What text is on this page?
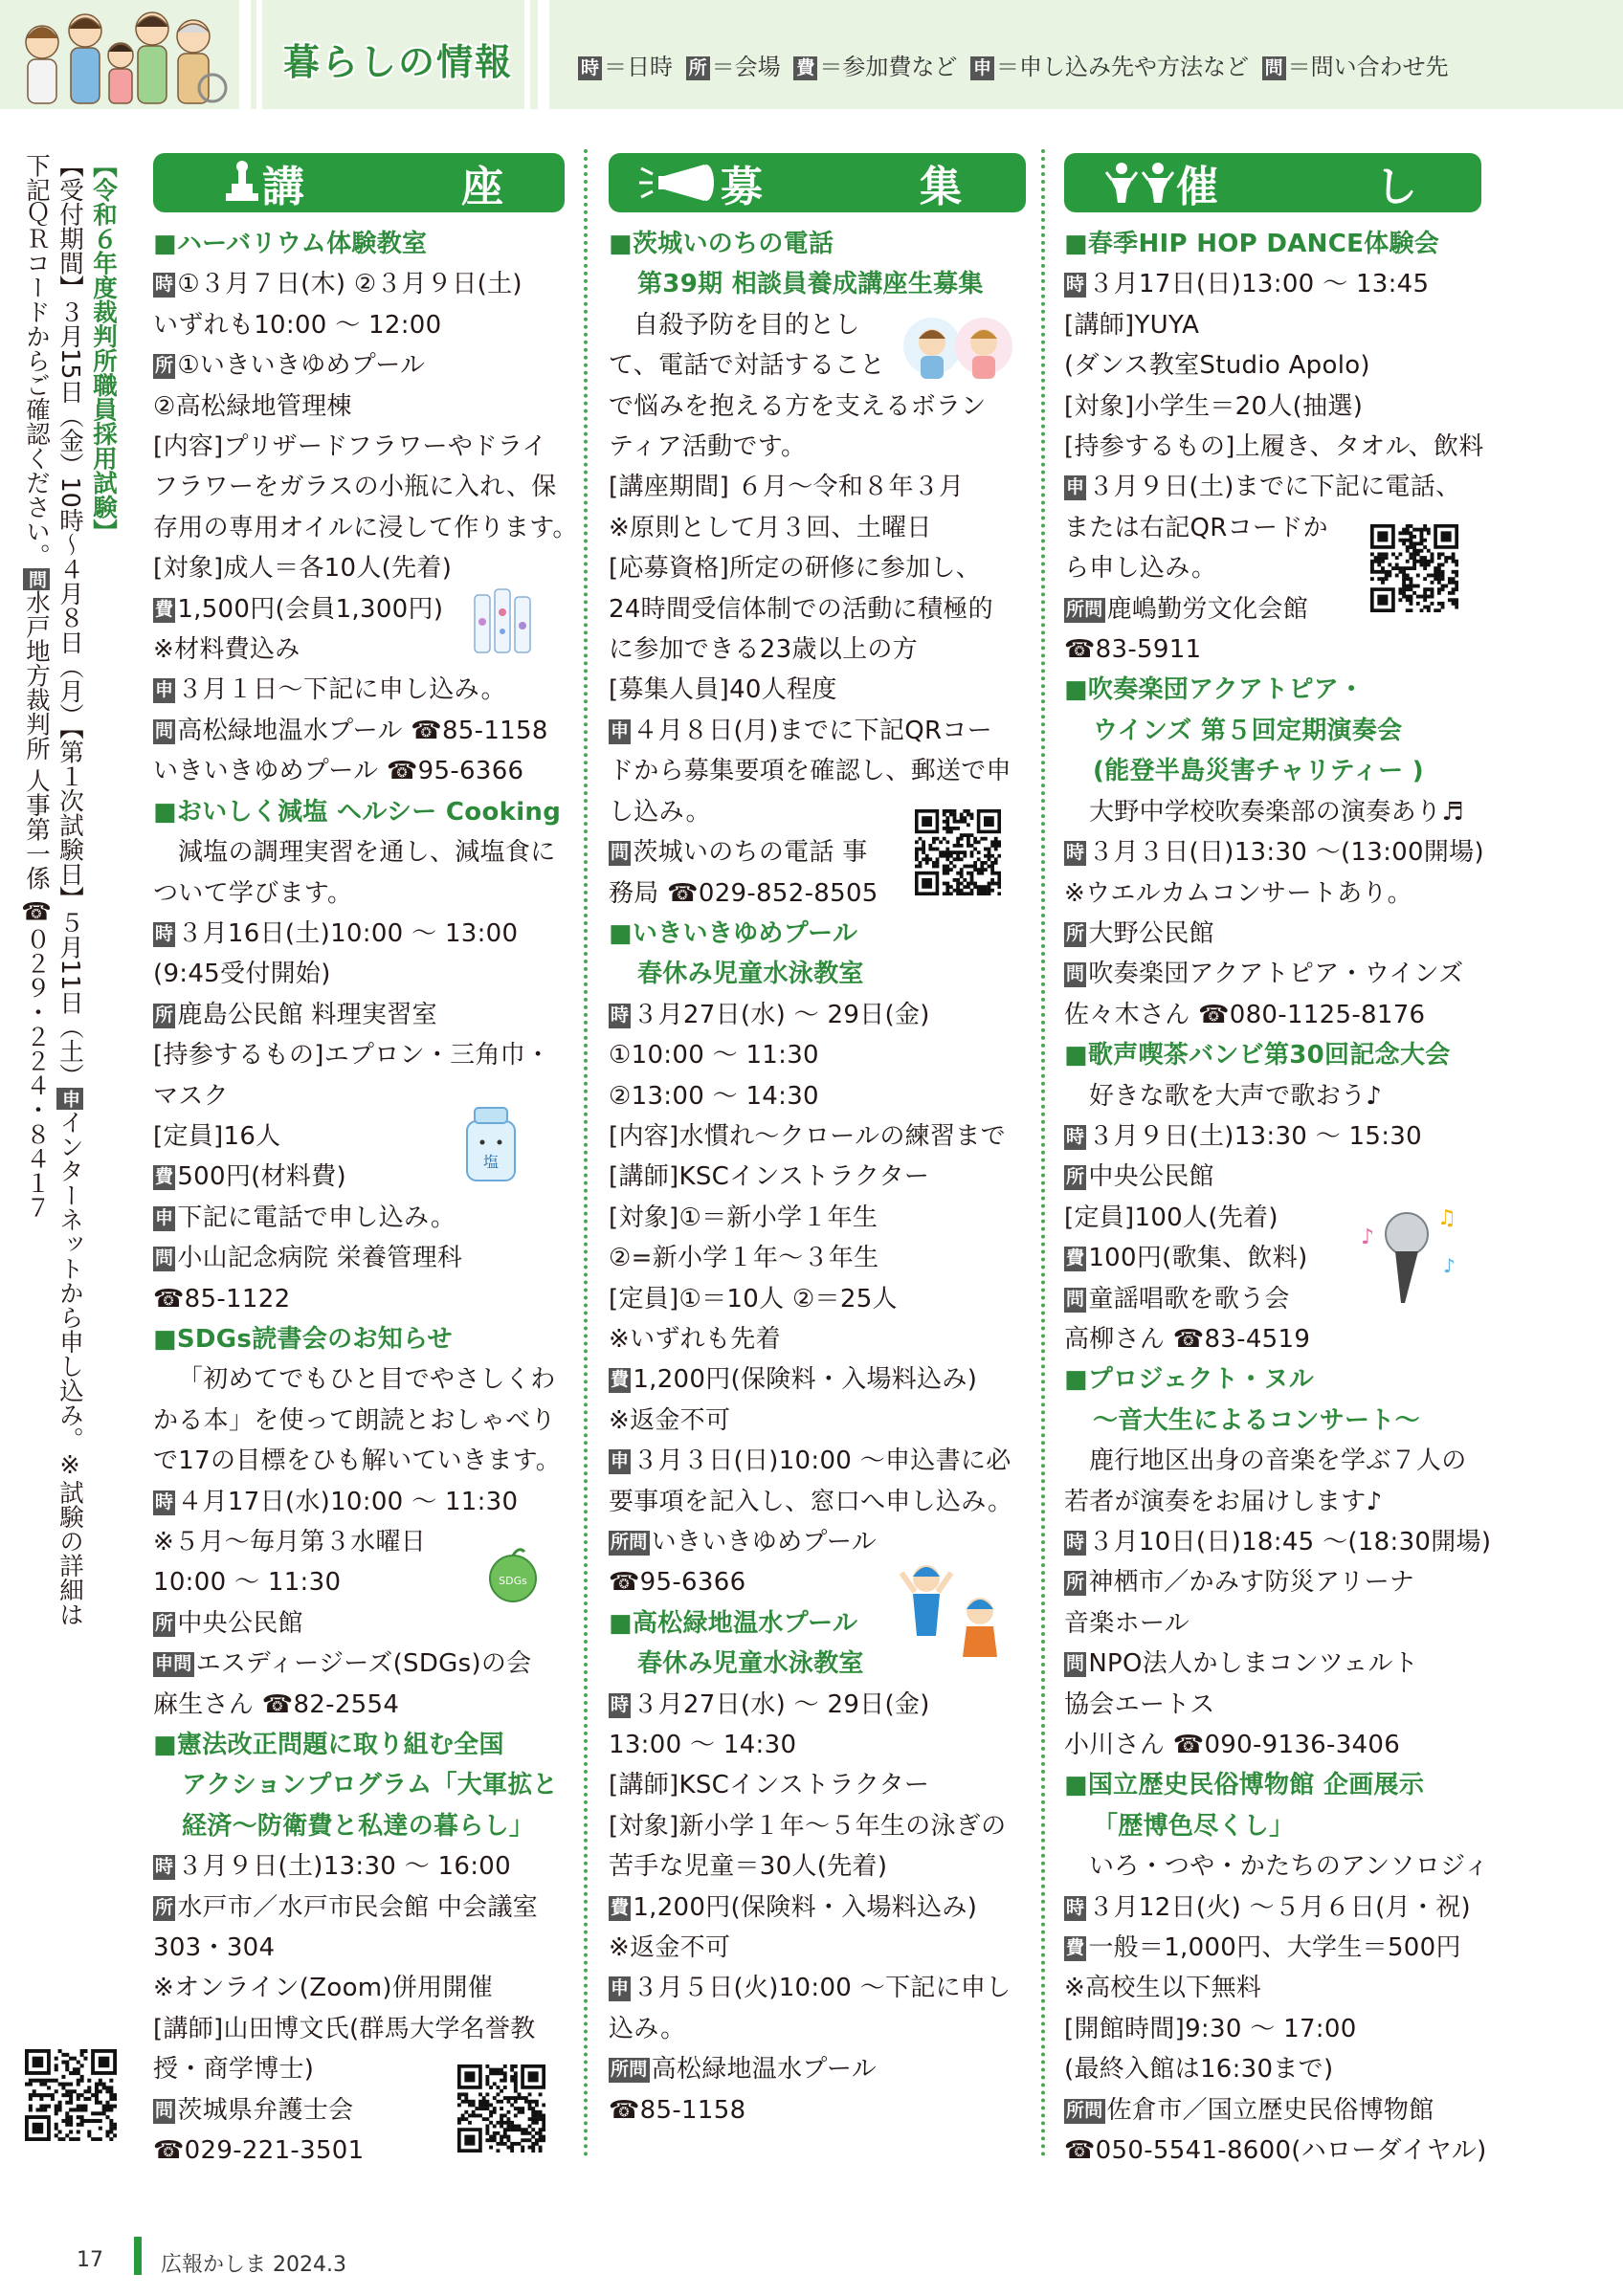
暮らしの情報	時 ＝日時 所 ＝会場 費 ＝参加費など 申 ＝申し込み先や方法など 問 ＝問い合わせ先
【令和６年度裁判所職員採用試験】
【受付期間】３月15日（金）10時～４月８日（月）【第１次試験日】５月11日（土）申インターネットから申し込み。※試験の詳細は
下記ＱＲコードからご確認ください。問水戸地方裁判所 人事第一係 ☎０２９・２２４・８４１７
講　座
■ハーバリウム体験教室
時 ①３月７日(木) ②３月９日(土)
いずれも10:00 ～ 12:00
所 ①いきいきゆめプール
②高松緑地管理棟
[内容]プリザードフラワーやドライ
フラワーをガラスの小瓶に入れ、保
存用の専用オイルに浸して作ります。
[対象]成人＝各10人(先着)
費 1,500円(会員1,300円)
※材料費込み
申 ３月１日～下記に申し込み。
問 高松緑地温水プール ☎85-1158
いきいきゆめプール ☎95-6366
■おいしく減塩 ヘルシー Cooking
減塩の調理実習を通し、減塩食に
ついて学びます。
時 ３月16日(土)10:00 ～ 13:00
(9:45受付開始)
所 鹿島公民館 料理実習室
[持参するもの]エプロン・三角巾・
マスク
[定員]16人
費 500円(材料費)
申 下記に電話で申し込み。
問 小山記念病院 栄養管理科
☎85-1122
■SDGs読書会のお知らせ
「初めてでもひと目でやさしくわ
かる本」を使って朗読とおしゃべり
で17の目標をひも解いていきます。
時 ４月17日(水)10:00 ～ 11:30
※５月～毎月第３水曜日
10:00 ～ 11:30
所 中央公民館
申問 エスディージーズ(SDGs)の会
麻生さん ☎82-2554
■憲法改正問題に取り組む全国
アクションプログラム「大軍拡と
経済～防衛費と私達の暮らし」
時 ３月９日(土)13:30 ～ 16:00
所 水戸市／水戸市民会館 中会議室
303・304
※オンライン(Zoom)併用開催
[講師]山田博文氏(群馬大学名誉教
授・商学博士)
問 茨城県弁護士会
☎029-221-3501
募　集
■茨城いのちの電話
第39期 相談員養成講座生募集
自殺予防を目的とし
て、電話で対話すること
で悩みを抱える方を支えるボラン
ティア活動です。
[講座期間] ６月～令和８年３月
※原則として月３回、土曜日
[応募資格]所定の研修に参加し、
24時間受信体制での活動に積極的
に参加できる23歳以上の方
[募集人員]40人程度
申 ４月８日(月)までに下記QRコー
ドから募集要項を確認し、郵送で申
し込み。
問 茨城いのちの電話 事
務局 ☎029-852-8505
■いきいきゆめプール
春休み児童水泳教室
時 ３月27日(水) ～ 29日(金)
①10:00 ～ 11:30
②13:00 ～ 14:30
[内容]水慣れ～クロールの練習まで
[講師]KSCインストラクター
[対象]①＝新小学１年生
②=新小学１年～３年生
[定員]①＝10人 ②＝25人
※いずれも先着
費 1,200円(保険料・入場料込み)
※返金不可
申 ３月３日(日)10:00 ～申込書に必
要事項を記入し、窓口へ申し込み。
所問 いきいきゆめプール
☎95-6366
■高松緑地温水プール
春休み児童水泳教室
時 ３月27日(水) ～ 29日(金)
13:00 ～ 14:30
[講師]KSCインストラクター
[対象]新小学１年～５年生の泳ぎの
苦手な児童＝30人(先着)
費 1,200円(保険料・入場料込み)
※返金不可
申 ３月５日(火)10:00 ～下記に申し
込み。
所問 高松緑地温水プール
☎85-1158
催　し
■春季HIP HOP DANCE体験会
時 ３月17日(日)13:00 ～ 13:45
[講師]YUYA
(ダンス教室Studio Apolo)
[対象]小学生＝20人(抽選)
[持参するもの]上履き、タオル、飲料
申 ３月９日(土)までに下記に電話、
または右記QRコードか
ら申し込み。
所問 鹿嶋勤労文化会館
☎83-5911
■吹奏楽団アクアトピア・
ウインズ 第５回定期演奏会
(能登半島災害チャリティー )
大野中学校吹奏楽部の演奏あり♬
時 ３月３日(日)13:30 ～(13:00開場)
※ウエルカムコンサートあり。
所 大野公民館
問 吹奏楽団アクアトピア・ウインズ
佐々木さん ☎080-1125-8176
■歌声喫茶バンビ第30回記念大会
好きな歌を大声で歌おう♪
時 ３月９日(土)13:30 ～ 15:30
所 中央公民館
[定員]100人(先着)
費 100円(歌集、飲料)
問 童謡唱歌を歌う会
高柳さん ☎83-4519
■プロジェクト・ヌル
～音大生によるコンサート～
鹿行地区出身の音楽を学ぶ７人の
若者が演奏をお届けします♪
時 ３月10日(日)18:45 ～(18:30開場)
所 神栖市／かみす防災アリーナ
音楽ホール
問 NPO法人かしまコンツェルト
協会エートス
小川さん ☎090-9136-3406
■国立歴史民俗博物館 企画展示
「歴博色尽くし」
いろ・つや・かたちのアンソロジィ
時 ３月12日(火) ～５月６日(月・祝)
費 一般＝1,000円、大学生＝500円
※高校生以下無料
[開館時間]9:30 ～ 17:00
(最終入館は16:30まで)
所問 佐倉市／国立歴史民俗博物館
☎050-5541-8600(ハローダイヤル)
塩
SDGs
♪
♫
♪
17	広報かしま 2024.3
